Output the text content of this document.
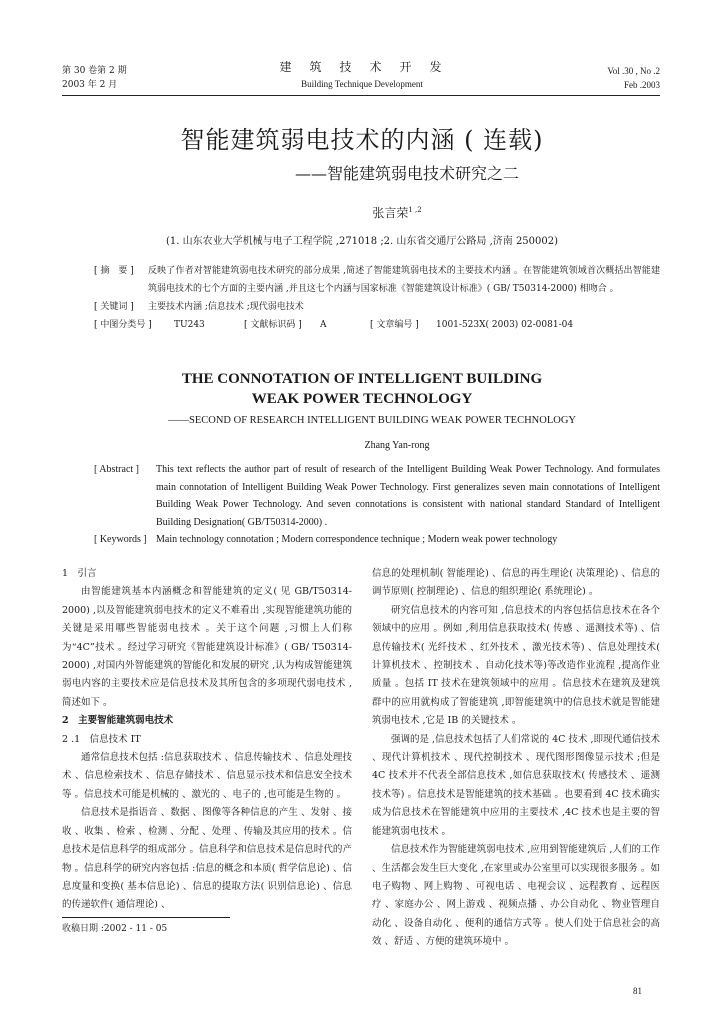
第 30 卷第 2 期
2003 年 2 月
建　筑　技　术　开　发
Building Technique Development
Vol .30 , No .2
Feb .2003
智能建筑弱电技术的内涵 ( 连载)
——智能建筑弱电技术研究之二
张言荣$^{1 ,2}$
(1. 山东农业大学机械与电子工程学院 ,271018 ;2. 山东省交通厅公路局 ,济南 250002)
[ 摘　要 ]	反映了作者对智能建筑弱电技术研究的部分成果 ,简述了智能建筑弱电技术的主要技术内涵 。在智能建筑领域首次概括出智能建筑弱电技术的七个方面的主要内涵 ,并且这七个内涵与国家标准《智能建筑设计标准》( GB/ T50314-2000) 相吻合 。
[ 关键词 ]	主要技术内涵 ;信息技术 ;现代弱电技术
[ 中图分类号 ]	TU243	[ 文献标识码 ]	A	[ 文章编号 ]	1001-523X( 2003) 02-0081-04
THE CONNOTATION OF INTELLIGENT BUILDING
WEAK POWER TECHNOLOGY
——SECOND OF RESEARCH INTELLIGENT BUILDING WEAK POWER TECHNOLOGY
Zhang Yan-rong
[ Abstract ]	This text reflects the author part of result of research of the Intelligent Building Weak Power Technology. And formulates main connotation of Intelligent Building Weak Power Technology. First generalizes seven main connotations of Intelligent Building Weak Power Technology. And seven connotations is consistent with national standard Standard of Intelligent Building Designation( GB/T50314-2000) .
[ Keywords ] Main technology connotation ; Modern correspondence technique ; Modern weak power technology

1　引言

由智能建筑基本内涵概念和智能建筑的定义( 见 GB/T50314-2000) ,以及智能建筑弱电技术的定义不难看出 ,实现智能建筑功能的关键是采用哪些智能弱电技术 。关于这个问题 ,习惯上人们称为“4C”技术 。经过学习研究《智能建筑设计标准》( GB/ T50314-2000) ,对国内外智能建筑的智能化和发展的研究 ,认为构成智能建筑弱电内容的主要技术应是信息技术及其所包含的多项现代弱电技术 ,简述如下 。

2　主要智能建筑弱电技术

2 .1　信息技术 IT

通常信息技术包括 :信息获取技术 、信息传输技术 、信息处理技术 、信息检索技术 、信息存储技术 、信息显示技术和信息安全技术等 。信息技术可能是机械的 、激光的 、电子的 ,也可能是生物的 。

信息技术是指语音 、数据 、图像等各种信息的产生 、发射 、接收 、收集 、检索 、检测 、分配 、处理 、传输及其应用的技术 。信息技术是信息科学的组成部分 。信息科学和信息技术是信息时代的产物 。信息科学的研究内容包括 :信息的概念和本质( 哲学信息论) 、信息度量和变换( 基本信息论) 、信息的提取方法( 识别信息论) 、信息的传递软件( 通信理论) 、

收稿日期 :2002 - 11 - 05

信息的处理机制( 智能理论) 、信息的再生理论( 决策理论) 、信息的调节原则( 控制理论) 、信息的组织理论( 系统理论) 。

研究信息技术的内容可知 ,信息技术的内容包括信息技术在各个领域中的应用 。例如 ,利用信息获取技术( 传感 、遥测技术等) 、信息传输技术( 光纤技术 、红外技术 、激光技术等) 、信息处理技术( 计算机技术 、控制技术 、自动化技术等)等改造作业流程 ,提高作业质量 。包括 IT 技术在建筑领域中的应用 。信息技术在建筑及建筑群中的应用就构成了智能建筑 ,即智能建筑中的信息技术就是智能建筑弱电技术 ,它是 IB 的关键技术 。

强调的是 ,信息技术包括了人们常说的 4C 技术 ,即现代通信技术 、现代计算机技术 、现代控制技术 、现代图形图像显示技术 ;但是 4C 技术并不代表全部信息技术 ,如信息获取技术( 传感技术 、遥测技术等) 。信息技术是智能建筑的技术基础 。也要看到 4C 技术确实成为信息技术在智能建筑中应用的主要技术 ,4C 技术也是主要的智能建筑弱电技术 。

信息技术作为智能建筑弱电技术 ,应用到智能建筑后 ,人们的工作 、生活都会发生巨大变化 ,在家里或办公室里可以实现很多服务 。如电子购物 、网上购物 、可视电话 、电视会议 、远程教育 、远程医疗 、家庭办公 、网上游戏 、视频点播 、办公自动化 、物业管理自动化 、设备自动化 、便利的通信方式等 。使人们处于信息社会的高效 、舒适 、方便的建筑环境中 。

81
